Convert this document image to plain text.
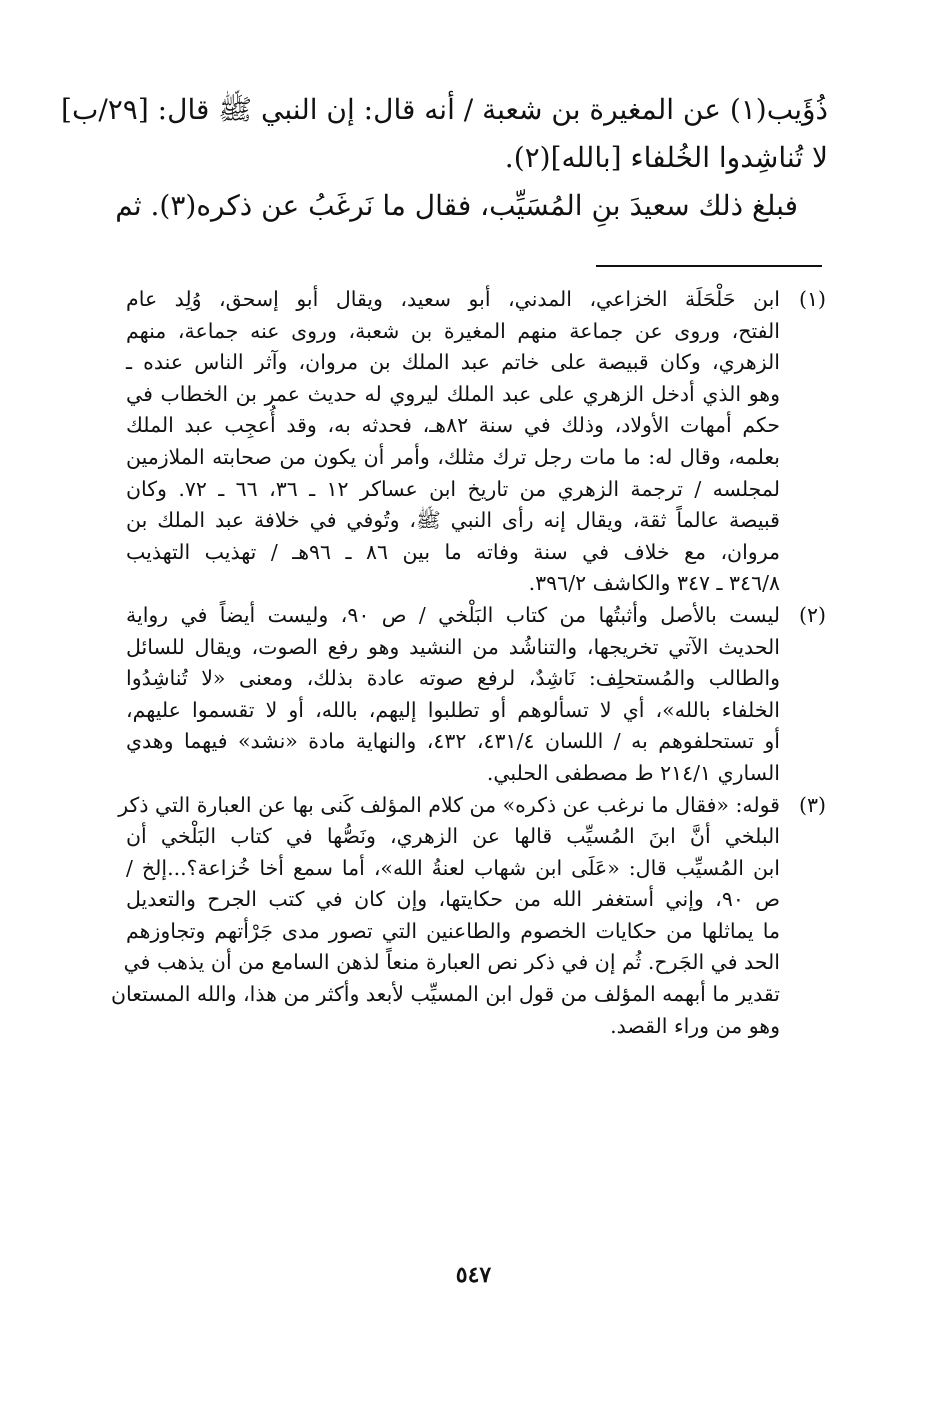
ذُؤَيب(١) عن المغيرة بن شعبة / أنه قال: إن النبي ﷺ قال: [٢٩/ب]
لا تُناشِدوا الخُلفاء [بالله](٢).
فبلغ ذلك سعيدَ بنِ المُسَيِّب، فقال ما نَرغَبُ عن ذكره(٣). ثم
(١)
ابن حَلْحَلَة الخزاعي، المدني، أبو سعيد، ويقال أبو إسحق، وُلِد عام
الفتح، وروى عن جماعة منهم المغيرة بن شعبة، وروى عنه جماعة، منهم
الزهري، وكان قبيصة على خاتم عبد الملك بن مروان، وآثر الناس عنده ـ
وهو الذي أدخل الزهري على عبد الملك ليروي له حديث عمر بن الخطاب في
حكم أمهات الأولاد، وذلك في سنة ٨٢هـ، فحدثه به، وقد أُعجِب عبد الملك
بعلمه، وقال له: ما مات رجل ترك مثلك، وأمر أن يكون من صحابته الملازمين
لمجلسه / ترجمة الزهري من تاريخ ابن عساكر ١٢ ـ ٣٦، ٦٦ ـ ٧٢. وكان
قبيصة عالماً ثقة، ويقال إنه رأى النبي ﷺ، وتُوفي في خلافة عبد الملك بن
مروان، مع خلاف في سنة وفاته ما بين ٨٦ ـ ٩٦هـ / تهذيب التهذيب
٣٤٦/٨ ـ ٣٤٧ والكاشف ٣٩٦/٢.
(٢)
ليست بالأصل وأثبتُها من كتاب البَلْخي / ص ٩٠، وليست أيضاً في رواية
الحديث الآتي تخريجها، والتناشُد من النشيد وهو رفع الصوت، ويقال للسائل
والطالب والمُستحلِف: نَاشِدٌ، لرفع صوته عادة بذلك، ومعنى «لا تُناشِدُوا
الخلفاء بالله»، أي لا تسألوهم أو تطلبوا إليهم، بالله، أو لا تقسموا عليهم،
أو تستحلفوهم به / اللسان ٤٣١/٤، ٤٣٢، والنهاية مادة «نشد» فيهما وهدي
الساري ٢١٤/١ ط مصطفى الحلبي.
(٣)
قوله: «فقال ما نرغب عن ذكره» من كلام المؤلف كَنى بها عن العبارة التي ذكر
البلخي أنَّ ابنَ المُسيِّب قالها عن الزهري، ونَصُّها في كتاب البَلْخي أن
ابن المُسيِّب قال: «عَلَى ابن شهاب لعنةُ الله»، أما سمع أخا خُزاعة؟...إلخ /
ص ٩٠، وإني أستغفر الله من حكايتها، وإن كان في كتب الجرح والتعديل
ما يماثلها من حكايات الخصوم والطاعنين التي تصور مدى جَرْأتهم وتجاوزهم
الحد في الجَرح. ثُم إن في ذكر نص العبارة منعاً لذهن السامع من أن يذهب في
تقدير ما أبهمه المؤلف من قول ابن المسيِّب لأبعد وأكثر من هذا، والله المستعان
وهو من وراء القصد.
٥٤٧
